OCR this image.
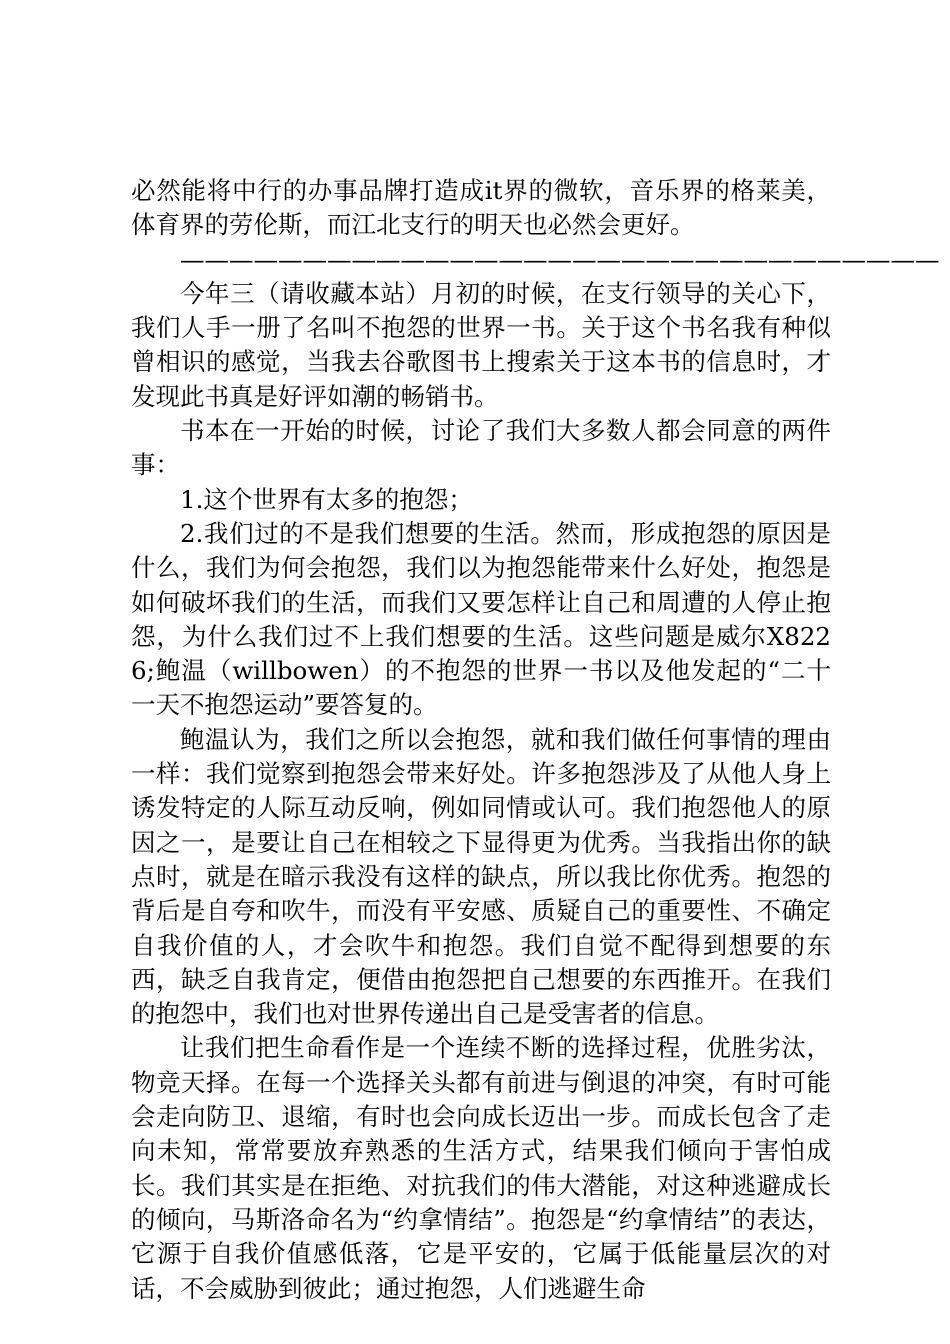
必然能将中行的办事品牌打造成it界的微软，音乐界的格莱美，体育界的劳伦斯，而江北支行的明天也必然会更好。

———————————————————————————————

今年三（请收藏本站）月初的时候，在支行领导的关心下，我们人手一册了名叫不抱怨的世界一书。关于这个书名我有种似曾相识的感觉，当我去谷歌图书上搜索关于这本书的信息时，才发现此书真是好评如潮的畅销书。

书本在一开始的时候，讨论了我们大多数人都会同意的两件事：

1.这个世界有太多的抱怨；

2.我们过的不是我们想要的生活。然而，形成抱怨的原因是什么，我们为何会抱怨，我们以为抱怨能带来什么好处，抱怨是如何破坏我们的生活，而我们又要怎样让自己和周遭的人停止抱怨，为什么我们过不上我们想要的生活。这些问题是威尔X8226;鲍温（willbowen）的不抱怨的世界一书以及他发起的“二十一天不抱怨运动”要答复的。

鲍温认为，我们之所以会抱怨，就和我们做任何事情的理由一样：我们觉察到抱怨会带来好处。许多抱怨涉及了从他人身上诱发特定的人际互动反响，例如同情或认可。我们抱怨他人的原因之一，是要让自己在相较之下显得更为优秀。当我指出你的缺点时，就是在暗示我没有这样的缺点，所以我比你优秀。抱怨的背后是自夸和吹牛，而没有平安感、质疑自己的重要性、不确定自我价值的人，才会吹牛和抱怨。我们自觉不配得到想要的东西，缺乏自我肯定，便借由抱怨把自己想要的东西推开。在我们的抱怨中，我们也对世界传递出自己是受害者的信息。

让我们把生命看作是一个连续不断的选择过程，优胜劣汰，物竞天择。在每一个选择关头都有前进与倒退的冲突，有时可能会走向防卫、退缩，有时也会向成长迈出一步。而成长包含了走向未知，常常要放弃熟悉的生活方式，结果我们倾向于害怕成长。我们其实是在拒绝、对抗我们的伟大潜能，对这种逃避成长的倾向，马斯洛命名为“约拿情结”。抱怨是“约拿情结”的表达，它源于自我价值感低落，它是平安的，它属于低能量层次的对话，不会威胁到彼此；通过抱怨，人们逃避生命
